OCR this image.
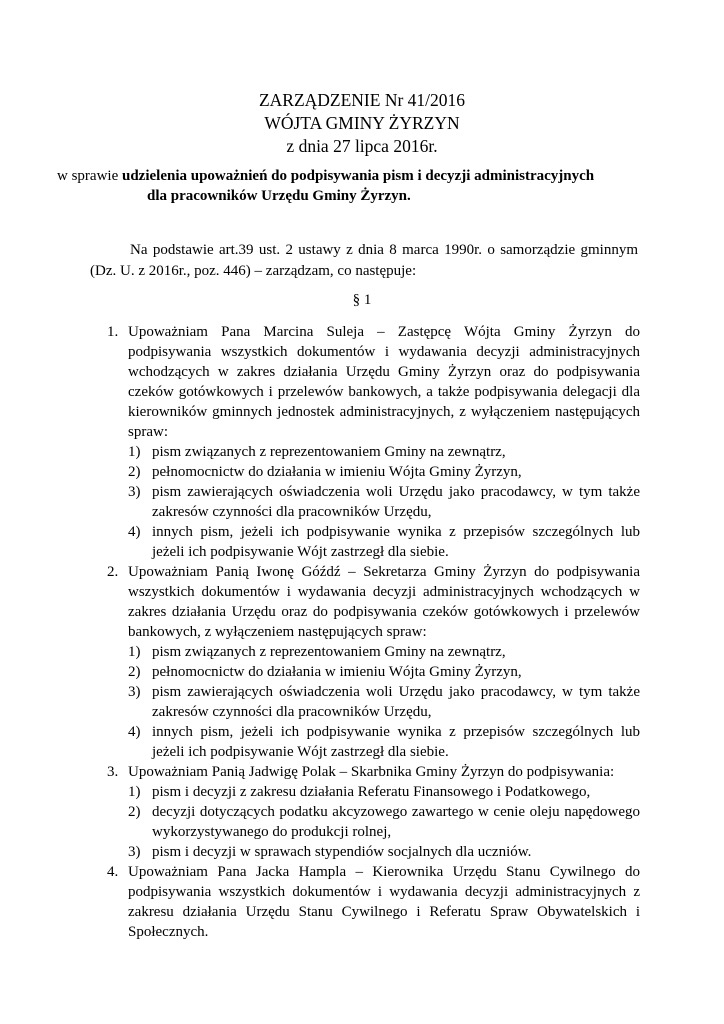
ZARZĄDZENIE Nr 41/2016
WÓJTA GMINY ŻYRZYN
z dnia 27 lipca 2016r.
w sprawie udzielenia upoważnień do podpisywania pism i decyzji administracyjnych
dla pracowników Urzędu Gminy Żyrzyn.
Na podstawie art.39 ust. 2 ustawy z dnia 8 marca 1990r. o samorządzie gminnym (Dz. U. z 2016r., poz. 446) – zarządzam, co następuje:
§ 1
1. Upoważniam Pana Marcina Suleja – Zastępcę Wójta Gminy Żyrzyn do podpisywania wszystkich dokumentów i wydawania decyzji administracyjnych wchodzących w zakres działania Urzędu Gminy Żyrzyn oraz do podpisywania czeków gotówkowych i przelewów bankowych, a także podpisywania delegacji dla kierowników gminnych jednostek administracyjnych, z wyłączeniem następujących spraw:
1) pism związanych z reprezentowaniem Gminy na zewnątrz,
2) pełnomocnictw do działania w imieniu Wójta Gminy Żyrzyn,
3) pism zawierających oświadczenia woli Urzędu jako pracodawcy, w tym także zakresów czynności dla pracowników Urzędu,
4) innych pism, jeżeli ich podpisywanie wynika z przepisów szczególnych lub jeżeli ich podpisywanie Wójt zastrzegł dla siebie.
2. Upoważniam Panią Iwonę Góźdź – Sekretarza Gminy Żyrzyn do podpisywania wszystkich dokumentów i wydawania decyzji administracyjnych wchodzących w zakres działania Urzędu oraz do podpisywania czeków gotówkowych i przelewów bankowych, z wyłączeniem następujących spraw:
1) pism związanych z reprezentowaniem Gminy na zewnątrz,
2) pełnomocnictw do działania w imieniu Wójta Gminy Żyrzyn,
3) pism zawierających oświadczenia woli Urzędu jako pracodawcy, w tym także zakresów czynności dla pracowników Urzędu,
4) innych pism, jeżeli ich podpisywanie wynika z przepisów szczególnych lub jeżeli ich podpisywanie Wójt zastrzegł dla siebie.
3. Upoważniam Panią Jadwigę Polak – Skarbnika Gminy Żyrzyn do podpisywania:
1) pism i decyzji z zakresu działania Referatu Finansowego i Podatkowego,
2) decyzji dotyczących podatku akcyzowego zawartego w cenie oleju napędowego wykorzystywanego do produkcji rolnej,
3) pism i decyzji w sprawach stypendiów socjalnych dla uczniów.
4. Upoważniam Pana Jacka Hampla – Kierownika Urzędu Stanu Cywilnego do podpisywania wszystkich dokumentów i wydawania decyzji administracyjnych z zakresu działania Urzędu Stanu Cywilnego i Referatu Spraw Obywatelskich i Społecznych.
